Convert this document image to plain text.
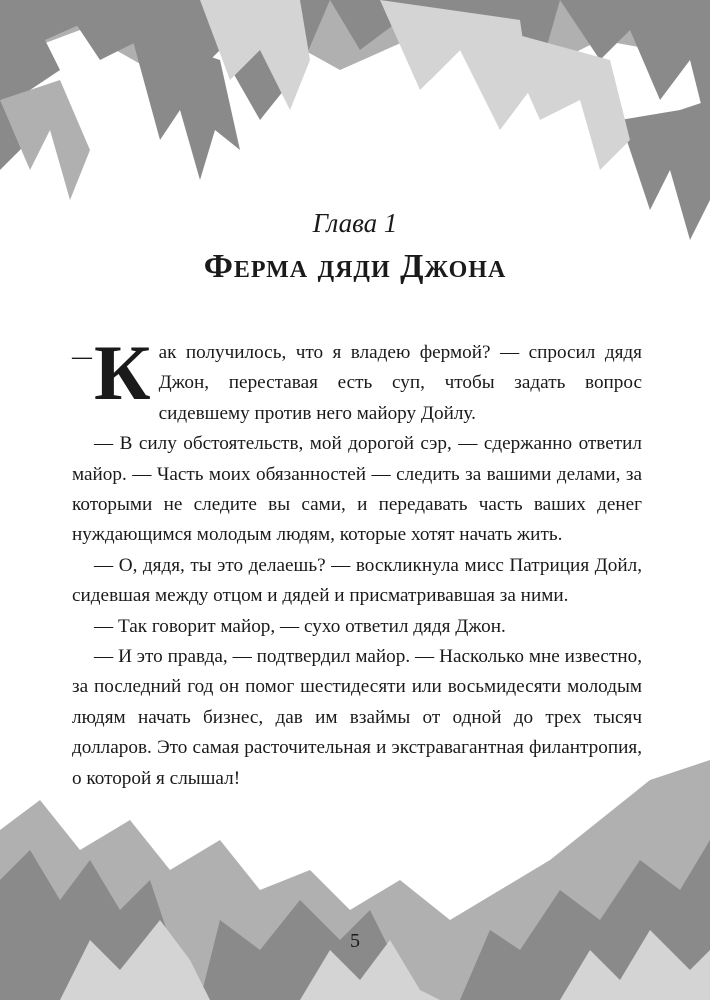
Глава 1
Ферма дяди Джона

— К ак получилось, что я владею фермой? — спросил дядя Джон, переставая есть суп, чтобы задать вопрос сидевшему против него майору Дойлу.

— В силу обстоятельств, мой дорогой сэр, — сдержанно ответил майор. — Часть моих обязанностей — следить за вашими делами, за которыми не следите вы сами, и передавать часть ваших денег нуждающимся молодым людям, которые хотят начать жить.

— О, дядя, ты это делаешь? — воскликнула мисс Патриция Дойл, сидевшая между отцом и дядей и присматривавшая за ними.

— Так говорит майор, — сухо ответил дядя Джон.

— И это правда, — подтвердил майор. — Насколько мне известно, за последний год он помог шестидесяти или восьмидесяти молодым людям начать бизнес, дав им взаймы от одной до трех тысяч долларов. Это самая расточительная и экстравагантная филантропия, о которой я слышал!

5
